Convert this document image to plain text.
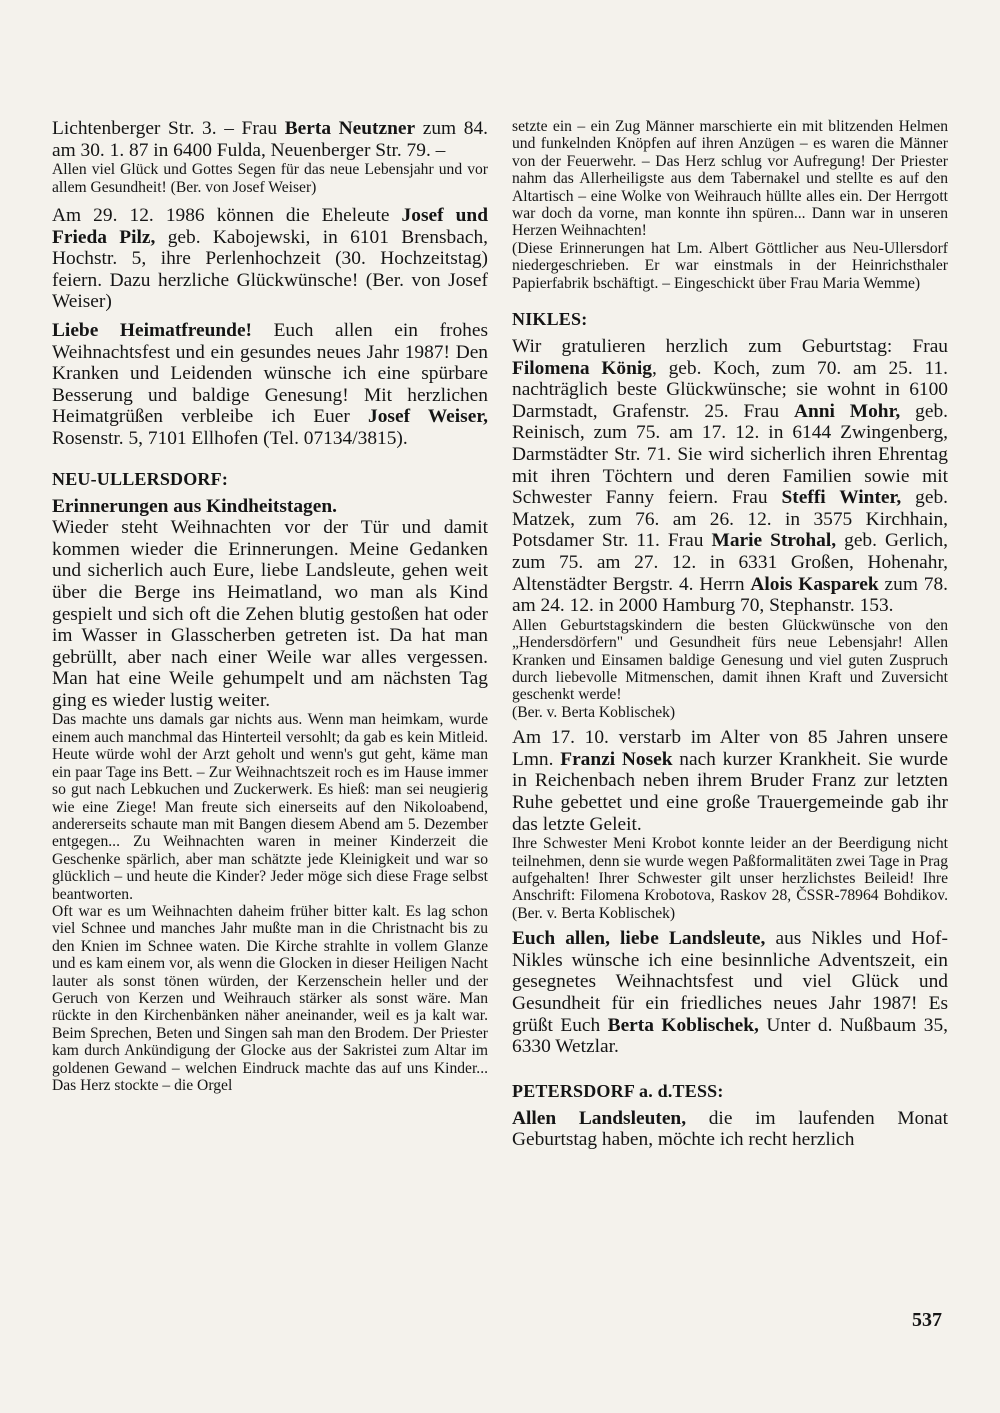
Lichtenberger Str. 3. – Frau Berta Neutzner zum 84. am 30. 1. 87 in 6400 Fulda, Neuenberger Str. 79. –

Allen viel Glück und Gottes Segen für das neue Lebensjahr und vor allem Gesundheit! (Ber. von Josef Weiser)

Am 29. 12. 1986 können die Eheleute Josef und Frieda Pilz, geb. Kabojewski, in 6101 Brensbach, Hochstr. 5, ihre Perlenhochzeit (30. Hochzeitstag) feiern. Dazu herzliche Glückwünsche! (Ber. von Josef Weiser)

Liebe Heimatfreunde! Euch allen ein frohes Weihnachtsfest und ein gesundes neues Jahr 1987! Den Kranken und Leidenden wünsche ich eine spürbare Besserung und baldige Genesung! Mit herzlichen Heimatgrüßen verbleibe ich Euer Josef Weiser, Rosenstr. 5, 7101 Ellhofen (Tel. 07134/3815).

NEU-ULLERSDORF:
Erinnerungen aus Kindheitstagen.

Wieder steht Weihnachten vor der Tür und damit kommen wieder die Erinnerungen. Meine Gedanken und sicherlich auch Eure, liebe Landsleute, gehen weit über die Berge ins Heimatland, wo man als Kind gespielt und sich oft die Zehen blutig gestoßen hat oder im Wasser in Glasscherben getreten ist. Da hat man gebrüllt, aber nach einer Weile war alles vergessen. Man hat eine Weile gehumpelt und am nächsten Tag ging es wieder lustig weiter.

Das machte uns damals gar nichts aus. Wenn man heimkam, wurde einem auch manchmal das Hinterteil versohlt; da gab es kein Mitleid. Heute würde wohl der Arzt geholt und wenn's gut geht, käme man ein paar Tage ins Bett. – Zur Weihnachtszeit roch es im Hause immer so gut nach Lebkuchen und Zuckerwerk. Es hieß: man sei neugierig wie eine Ziege! Man freute sich einerseits auf den Nikoloabend, andererseits schaute man mit Bangen diesem Abend am 5. Dezember entgegen... Zu Weihnachten waren in meiner Kinderzeit die Geschenke spärlich, aber man schätzte jede Kleinigkeit und war so glücklich – und heute die Kinder? Jeder möge sich diese Frage selbst beantworten.

Oft war es um Weihnachten daheim früher bitter kalt. Es lag schon viel Schnee und manches Jahr mußte man in die Christnacht bis zu den Knien im Schnee waten. Die Kirche strahlte in vollem Glanze und es kam einem vor, als wenn die Glocken in dieser Heiligen Nacht lauter als sonst tönen würden, der Kerzenschein heller und der Geruch von Kerzen und Weihrauch stärker als sonst wäre. Man rückte in den Kirchenbänken näher aneinander, weil es ja kalt war. Beim Sprechen, Beten und Singen sah man den Brodem. Der Priester kam durch Ankündigung der Glocke aus der Sakristei zum Altar im goldenen Gewand – welchen Eindruck machte das auf uns Kinder... Das Herz stockte – die Orgel

setzte ein – ein Zug Männer marschierte ein mit blitzenden Helmen und funkelnden Knöpfen auf ihren Anzügen – es waren die Männer von der Feuerwehr. – Das Herz schlug vor Aufregung! Der Priester nahm das Allerheiligste aus dem Tabernakel und stellte es auf den Altartisch – eine Wolke von Weihrauch hüllte alles ein. Der Herrgott war doch da vorne, man konnte ihn spüren... Dann war in unseren Herzen Weihnachten!

(Diese Erinnerungen hat Lm. Albert Göttlicher aus Neu-Ullersdorf niedergeschrieben. Er war einstmals in der Heinrichsthaler Papierfabrik bschäftigt. – Eingeschickt über Frau Maria Wemme)

NIKLES:

Wir gratulieren herzlich zum Geburtstag: Frau Filomena König, geb. Koch, zum 70. am 25. 11. nachträglich beste Glückwünsche; sie wohnt in 6100 Darmstadt, Grafenstr. 25. Frau Anni Mohr, geb. Reinisch, zum 75. am 17. 12. in 6144 Zwingenberg, Darmstädter Str. 71. Sie wird sicherlich ihren Ehrentag mit ihren Töchtern und deren Familien sowie mit Schwester Fanny feiern. Frau Steffi Winter, geb. Matzek, zum 76. am 26. 12. in 3575 Kirchhain, Potsdamer Str. 11. Frau Marie Strohal, geb. Gerlich, zum 75. am 27. 12. in 6331 Großen, Hohenahr, Altenstädter Bergstr. 4. Herrn Alois Kasparek zum 78. am 24. 12. in 2000 Hamburg 70, Stephanstr. 153.

Allen Geburtstagskindern die besten Glückwünsche von den „Hendersdörfern" und Gesundheit fürs neue Lebensjahr! Allen Kranken und Einsamen baldige Genesung und viel guten Zuspruch durch liebevolle Mitmenschen, damit ihnen Kraft und Zuversicht geschenkt werde!

(Ber. v. Berta Koblischek)

Am 17. 10. verstarb im Alter von 85 Jahren unsere Lmn. Franzi Nosek nach kurzer Krankheit. Sie wurde in Reichenbach neben ihrem Bruder Franz zur letzten Ruhe gebettet und eine große Trauergemeinde gab ihr das letzte Geleit.

Ihre Schwester Meni Krobot konnte leider an der Beerdigung nicht teilnehmen, denn sie wurde wegen Paßformalitäten zwei Tage in Prag aufgehalten! Ihrer Schwester gilt unser herzlichstes Beileid! Ihre Anschrift: Filomena Krobotova, Raskov 28, ČSSR-78964 Bohdikov. (Ber. v. Berta Koblischek)

Euch allen, liebe Landsleute, aus Nikles und Hof-Nikles wünsche ich eine besinnliche Adventszeit, ein gesegnetes Weihnachtsfest und viel Glück und Gesundheit für ein friedliches neues Jahr 1987! Es grüßt Euch Berta Koblischek, Unter d. Nußbaum 35, 6330 Wetzlar.

PETERSDORF a. d.TESS:

Allen Landsleuten, die im laufenden Monat Geburtstag haben, möchte ich recht herzlich

537
